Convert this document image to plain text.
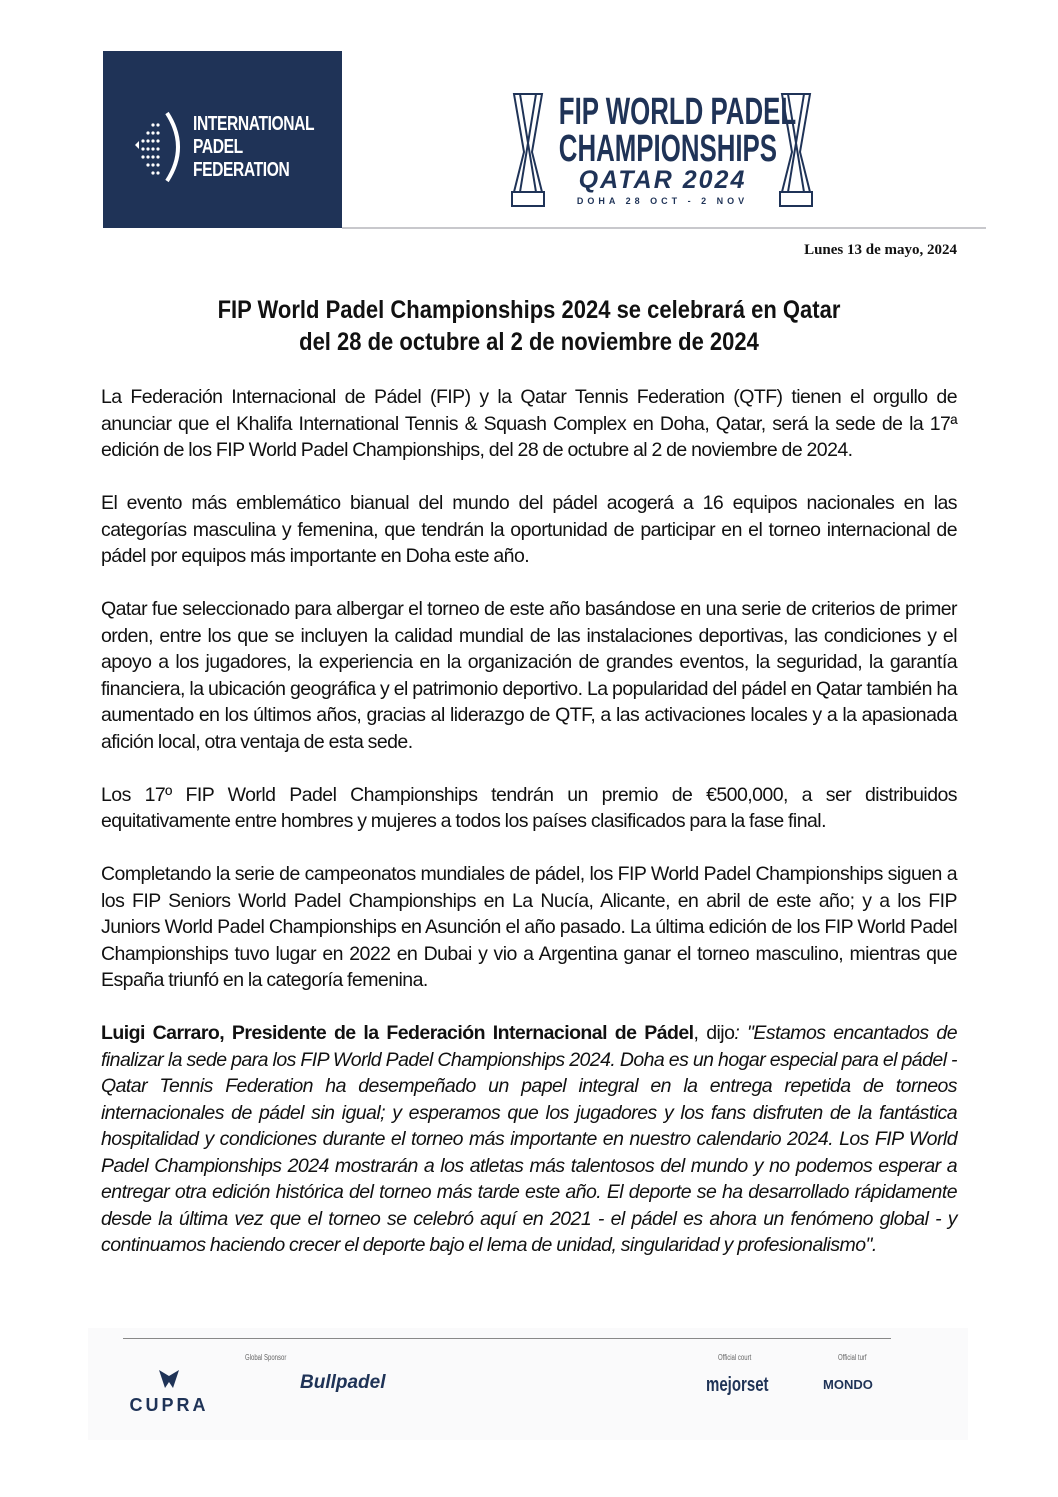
INTERNATIONAL
PADEL
FEDERATION
FIP WORLD PADEL
CHAMPIONSHIPS
QATAR 2024
DOHA 28 OCT - 2 NOV
Lunes 13 de mayo, 2024
FIP World Padel Championships 2024 se celebrará en Qatar
del 28 de octubre al 2 de noviembre de 2024

La Federación Internacional de Pádel (FIP) y la Qatar Tennis Federation (QTF) tienen el orgullo de anunciar que el Khalifa International Tennis & Squash Complex en Doha, Qatar, será la sede de la 17ª edición de los FIP World Padel Championships, del 28 de octubre al 2 de noviembre de 2024.

El evento más emblemático bianual del mundo del pádel acogerá a 16 equipos nacionales en las categorías masculina y femenina, que tendrán la oportunidad de participar en el torneo internacional de pádel por equipos más importante en Doha este año.

Qatar fue seleccionado para albergar el torneo de este año basándose en una serie de criterios de primer orden, entre los que se incluyen la calidad mundial de las instalaciones deportivas, las condiciones y el apoyo a los jugadores, la experiencia en la organización de grandes eventos, la seguridad, la garantía financiera, la ubicación geográfica y el patrimonio deportivo. La popularidad del pádel en Qatar también ha aumentado en los últimos años, gracias al liderazgo de QTF, a las activaciones locales y a la apasionada afición local, otra ventaja de esta sede.

Los 17º FIP World Padel Championships tendrán un premio de €500,000, a ser distribuidos equitativamente entre hombres y mujeres a todos los países clasificados para la fase final.

Completando la serie de campeonatos mundiales de pádel, los FIP World Padel Championships siguen a los FIP Seniors World Padel Championships en La Nucía, Alicante, en abril de este año; y a los FIP Juniors World Padel Championships en Asunción el año pasado. La última edición de los FIP World Padel Championships tuvo lugar en 2022 en Dubai y vio a Argentina ganar el torneo masculino, mientras que España triunfó en la categoría femenina.

Luigi Carraro, Presidente de la Federación Internacional de Pádel, dijo: "Estamos encantados de finalizar la sede para los FIP World Padel Championships 2024. Doha es un hogar especial para el pádel - Qatar Tennis Federation ha desempeñado un papel integral en la entrega repetida de torneos internacionales de pádel sin igual; y esperamos que los jugadores y los fans disfruten de la fantástica hospitalidad y condiciones durante el torneo más importante en nuestro calendario 2024. Los FIP World Padel Championships 2024 mostrarán a los atletas más talentosos del mundo y no podemos esperar a entregar otra edición histórica del torneo más tarde este año. El deporte se ha desarrollado rápidamente desde la última vez que el torneo se celebró aquí en 2021 - el pádel es ahora un fenómeno global - y continuamos haciendo crecer el deporte bajo el lema de unidad, singularidad y profesionalismo".

Global Sponsor	Official court	Official turf
CUPRA
Bullpadel	mejorset	MONDO
